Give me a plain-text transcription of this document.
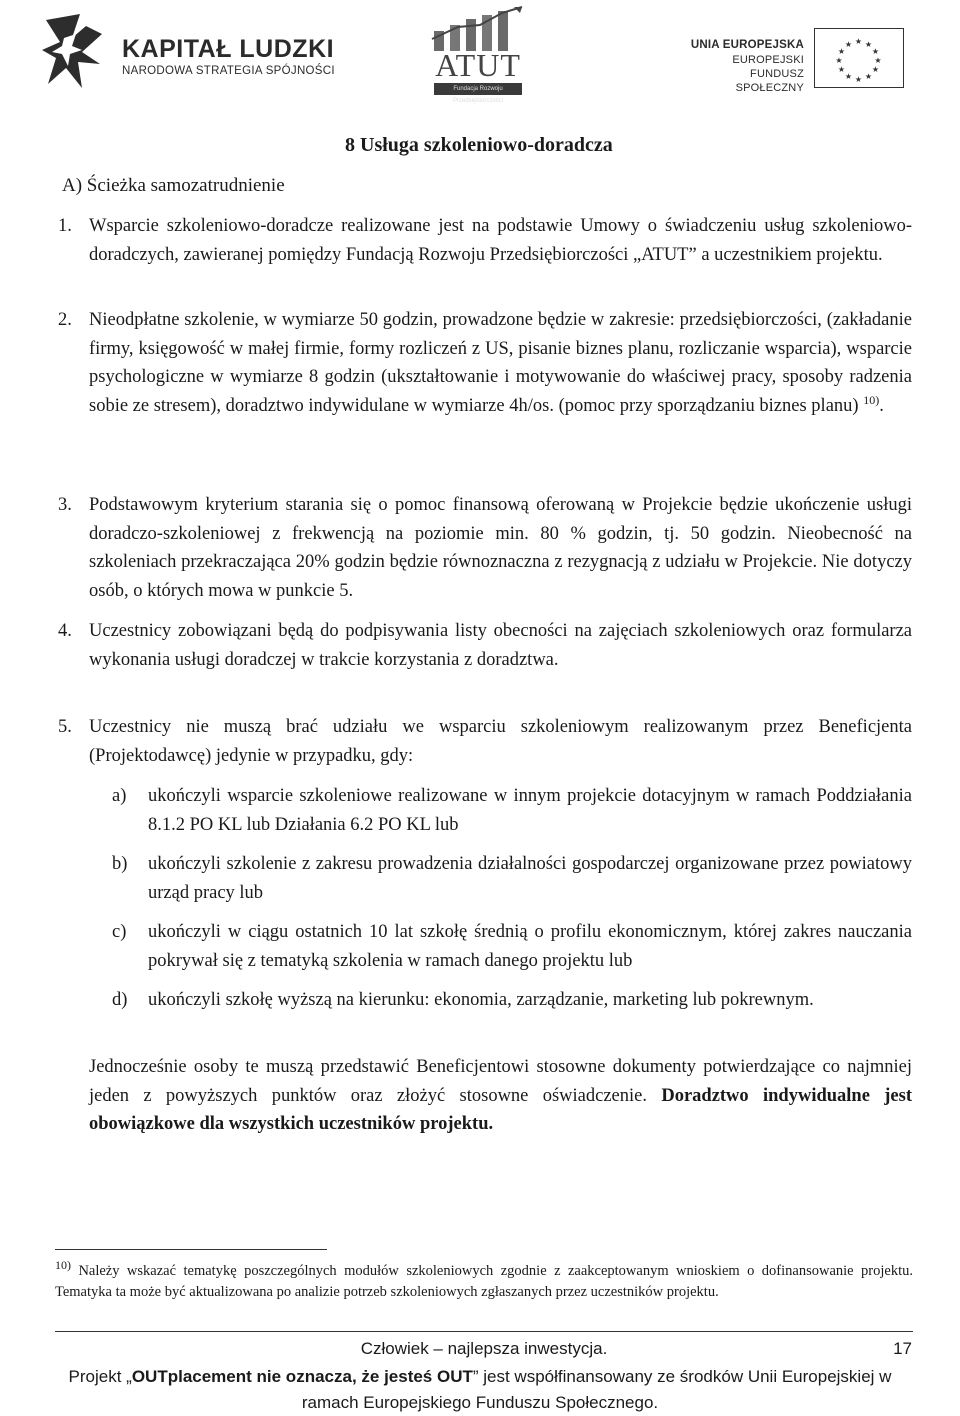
KAPITAŁ LUDZKI
NARODOWA STRATEGIA SPÓJNOŚCI	ATUT
Fundacja Rozwoju Przedsiębiorczości
UNIA EUROPEJSKA
EUROPEJSKI
FUNDUSZ SPOŁECZNY
★ ★
★
★
★
★
★
★
★
★
★
★
8 Usługa szkoleniowo-doradcza
A) Ścieżka samozatrudnienie
1. Wsparcie szkoleniowo-doradcze realizowane jest na podstawie Umowy o świadczeniu usług szkoleniowo-doradczych, zawieranej pomiędzy Fundacją Rozwoju Przedsiębiorczości „ATUT” a uczestnikiem projektu.
2. Nieodpłatne szkolenie, w wymiarze 50 godzin, prowadzone będzie w zakresie: przedsiębiorczości, (zakładanie firmy, księgowość w małej firmie, formy rozliczeń z US, pisanie biznes planu, rozliczanie wsparcia), wsparcie psychologiczne w wymiarze 8 godzin (ukształtowanie i motywowanie do właściwej pracy, sposoby radzenia sobie ze stresem), doradztwo indywidulane w wymiarze 4h/os. (pomoc przy sporządzaniu biznes planu) $^{10)}$.
3. Podstawowym kryterium starania się o pomoc finansową oferowaną w Projekcie będzie ukończenie usługi doradczo-szkoleniowej z frekwencją na poziomie min. 80 % godzin, tj. 50 godzin. Nieobecność na szkoleniach przekraczająca 20% godzin będzie równoznaczna z rezygnacją z udziału w Projekcie. Nie dotyczy osób, o których mowa w punkcie 5.
4. Uczestnicy zobowiązani będą do podpisywania listy obecności na zajęciach szkoleniowych oraz formularza wykonania usługi doradczej w trakcie korzystania z doradztwa.
5. Uczestnicy nie muszą brać udziału we wsparciu szkoleniowym realizowanym przez Beneficjenta (Projektodawcę) jedynie w przypadku, gdy:
a) ukończyli wsparcie szkoleniowe realizowane w innym projekcie dotacyjnym w ramach Poddziałania 8.1.2 PO KL lub Działania 6.2 PO KL lub
b) ukończyli szkolenie z zakresu prowadzenia działalności gospodarczej organizowane przez powiatowy urząd pracy lub
c) ukończyli w ciągu ostatnich 10 lat szkołę średnią o profilu ekonomicznym, której zakres nauczania pokrywał się z tematyką szkolenia w ramach danego projektu lub
d) ukończyli szkołę wyższą na kierunku: ekonomia, zarządzanie, marketing lub pokrewnym.
Jednocześnie osoby te muszą przedstawić Beneficjentowi stosowne dokumenty potwierdzające co najmniej jeden z powyższych punktów oraz złożyć stosowne oświadczenie. Doradztwo indywidualne jest obowiązkowe dla wszystkich uczestników projektu.
$^{10)}$ Należy wskazać tematykę poszczególnych modułów szkoleniowych zgodnie z zaakceptowanym wnioskiem o dofinansowanie projektu. Tematyka ta może być aktualizowana po analizie potrzeb szkoleniowych zgłaszanych przez uczestników projektu.
Człowiek – najlepsza inwestycja.	17
Projekt „OUTplacement nie oznacza, że jesteś OUT” jest współfinansowany ze środków Unii Europejskiej w ramach Europejskiego Funduszu Społecznego.
